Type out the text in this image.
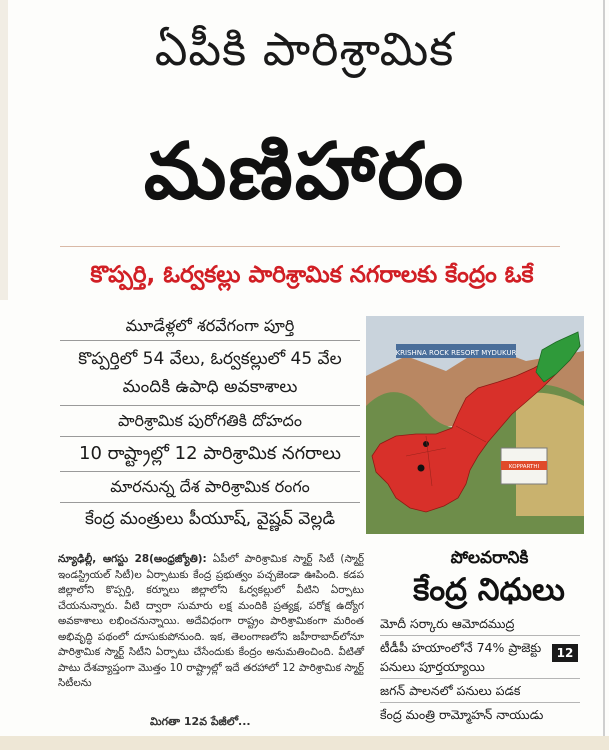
ఏపీకి పారిశ్రామిక
మణిహారం
కొప్పర్తి, ఓర్వకల్లు పారిశ్రామిక నగరాలకు కేంద్రం ఓకే
మూడేళ్లలో శరవేగంగా పూర్తి
కొప్పర్తిలో 54 వేలు, ఓర్వకల్లులో 45 వేల మందికి ఉపాధి అవకాశాలు
పారిశ్రామిక పురోగతికి దోహదం
10 రాష్ట్రాల్లో 12 పారిశ్రామిక నగరాలు
మారనున్న దేశ పారిశ్రామిక రంగం
కేంద్ర మంత్రులు పీయూష్‌, వైష్ణవ్‌ వెల్లడి
KRISHNA ROCK RESORT MYDUKUR
KOPPARTHI
న్యూఢిల్లీ, ఆగస్టు 28(ఆంధ్రజ్యోతి): ఏపీలో పారిశ్రామిక స్మార్ట్‌ సిటీ (స్మార్ట్‌ ఇండస్ట్రియల్‌ సిటీ)ల ఏర్పాటుకు కేంద్ర ప్రభుత్వం పచ్చజెండా ఊపింది. కడప జిల్లాలోని కొప్పర్తి, కర్నూలు జిల్లాలోని ఓర్వకల్లులో వీటిని ఏర్పాటు చేయనున్నారు. వీటి ద్వారా సుమారు లక్ష మందికి ప్రత్యక్ష, పరోక్ష ఉద్యోగ అవకాశాలు లభించనున్నాయి. అదేవిధంగా రాష్ట్రం పారిశ్రామికంగా మరింత అభివృద్ధి పథంలో దూసుకుపోనుంది. ఇక, తెలంగాణలోని జహీరాబాద్‌లోనూ పారిశ్రామిక స్మార్ట్‌ సిటీని ఏర్పాటు చేసేందుకు కేంద్రం అనుమతించింది. వీటితో పాటు దేశవ్యాప్తంగా మొత్తం 10 రాష్ట్రాల్లో ఇదే తరహాలో 12 పారిశ్రామిక స్మార్ట్‌ సిటీలను
మిగతా 12వ పేజీలో...
పోలవరానికి
కేంద్ర నిధులు
మోదీ సర్కారు ఆమోదముద్ర
టీడీపీ హయాంలోనే 74% ప్రాజెక్టు పనులు పూర్తయ్యాయి
జగన్‌ పాలనలో పనులు పడక
కేంద్ర మంత్రి రామ్మోహన్‌ నాయుడు
12
